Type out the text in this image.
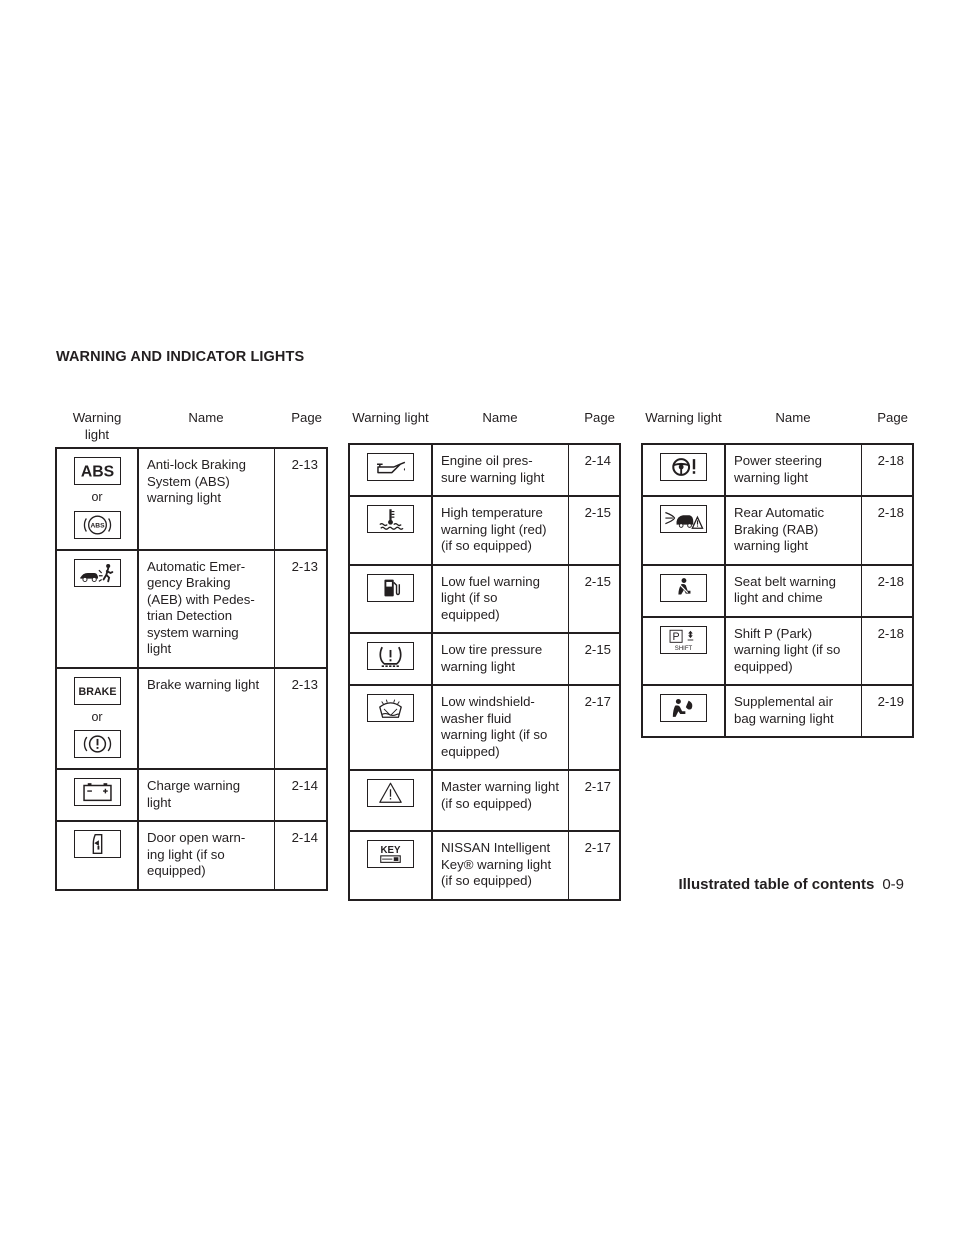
WARNING AND INDICATOR LIGHTS
Warning light	Name	Page

ABS
or
ABS	Anti-lock Braking System (ABS) warning light	2-13

	Automatic Emer- gency Braking (AEB) with Pedes- trian Detection system warning light	2-13

BRAKE
or	Brake warning light	2-13

	Charge warning light	2-14

	Door open warn- ing light (if so equipped)	2-14
Warning light	Name	Page

	Engine oil pres- sure warning light	2-14

	High temperature warning light (red) (if so equipped)	2-15

	Low fuel warning light (if so equipped)	2-15

	Low tire pressure warning light	2-15

	Low windshield- washer fluid warning light (if so equipped)	2-17

	Master warning light (if so equipped)	2-17

KEY	NISSAN Intelligent Key® warning light (if so equipped)	2-17
Warning light	Name	Page

	Power steering warning light	2-18

	Rear Automatic Braking (RAB) warning light	2-18

	Seat belt warning light and chime	2-18

P
SHIFT	Shift P (Park) warning light (if so equipped)	2-18

	Supplemental air bag warning light	2-19

Illustrated table of contents 0-9
